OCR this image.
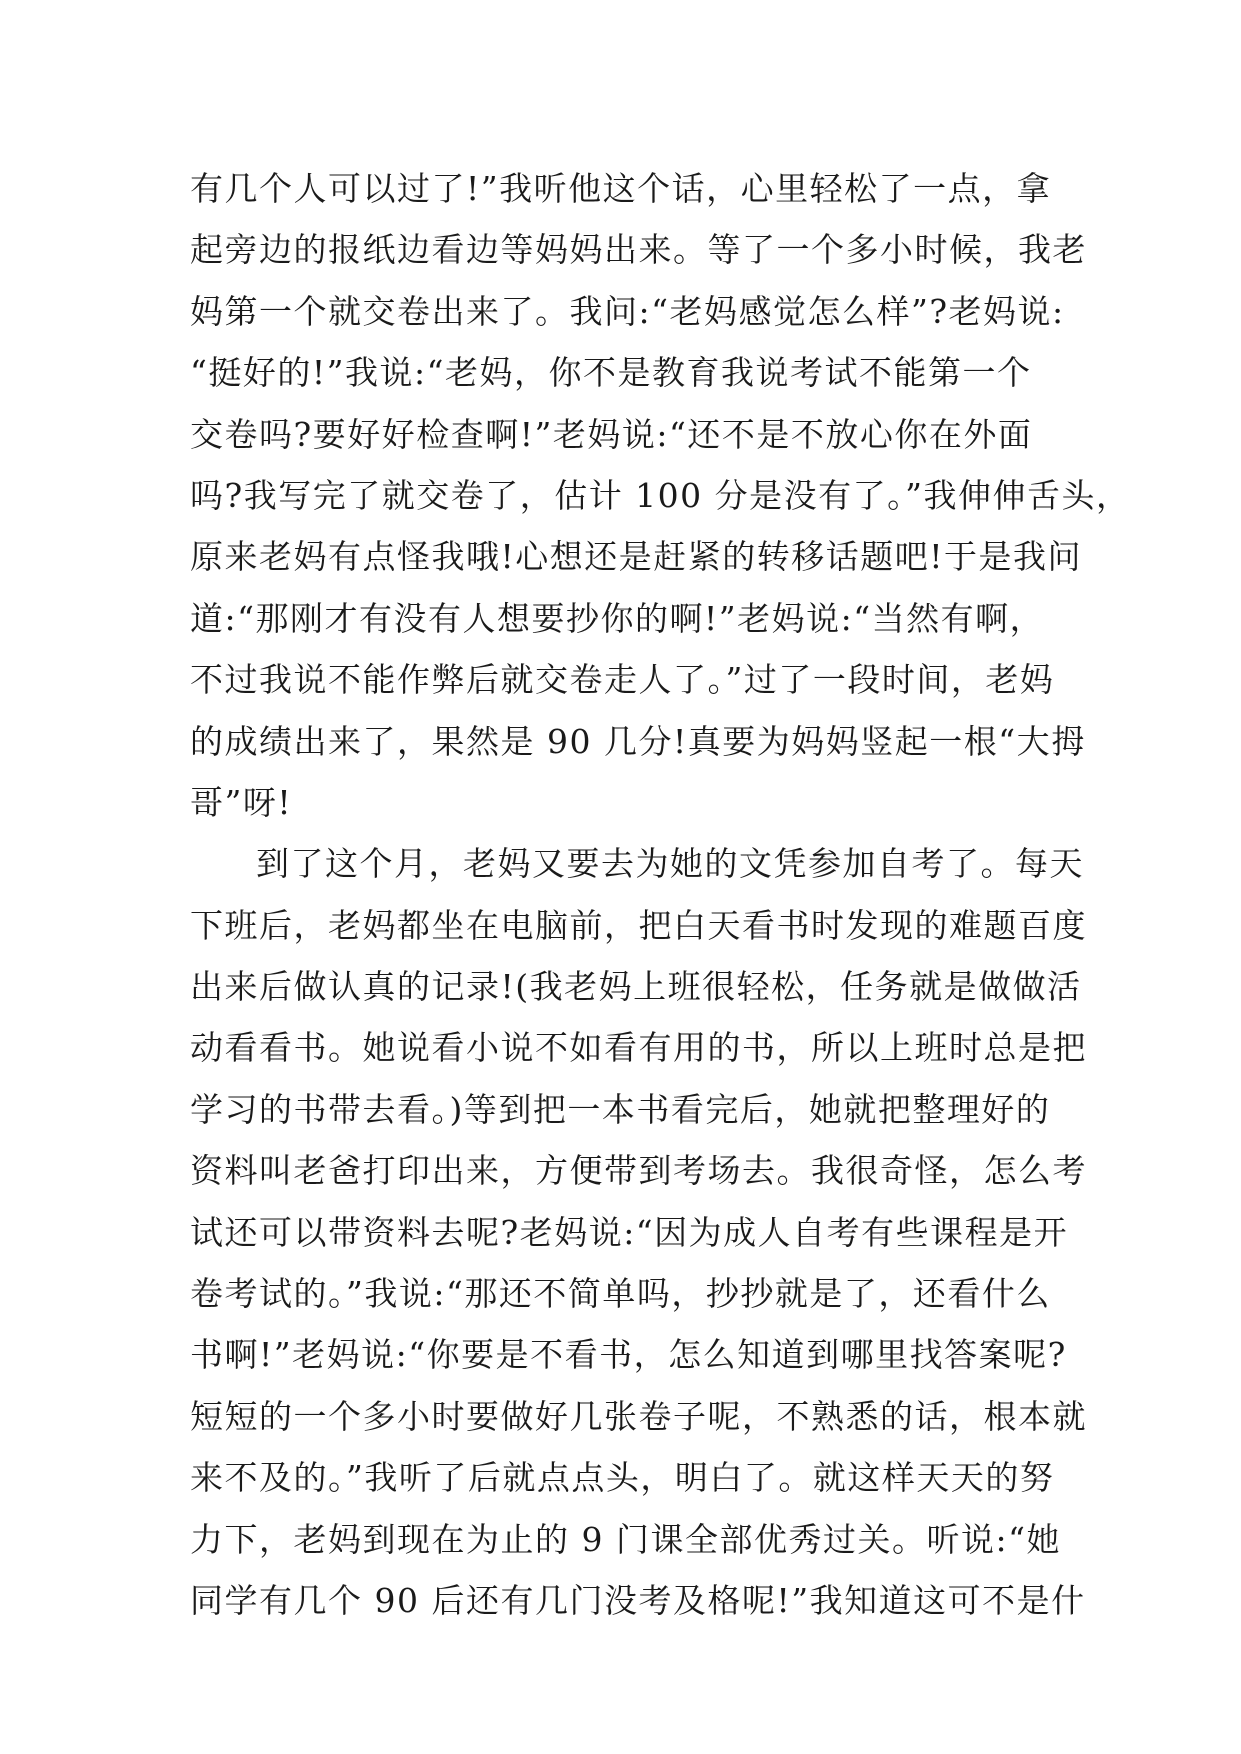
有几个人可以过了!”我听他这个话，心里轻松了一点，拿
起旁边的报纸边看边等妈妈出来。等了一个多小时候，我老
妈第一个就交卷出来了。我问:“老妈感觉怎么样”?老妈说:
“挺好的!”我说:“老妈，你不是教育我说考试不能第一个
交卷吗?要好好检查啊!”老妈说:“还不是不放心你在外面
吗?我写完了就交卷了，估计 100 分是没有了。”我伸伸舌头，
原来老妈有点怪我哦!心想还是赶紧的转移话题吧!于是我问
道:“那刚才有没有人想要抄你的啊!”老妈说:“当然有啊，
不过我说不能作弊后就交卷走人了。”过了一段时间，老妈
的成绩出来了，果然是 90 几分!真要为妈妈竖起一根“大拇
哥”呀!
到了这个月，老妈又要去为她的文凭参加自考了。每天
下班后，老妈都坐在电脑前，把白天看书时发现的难题百度
出来后做认真的记录!(我老妈上班很轻松，任务就是做做活
动看看书。她说看小说不如看有用的书，所以上班时总是把
学习的书带去看。)等到把一本书看完后，她就把整理好的
资料叫老爸打印出来，方便带到考场去。我很奇怪，怎么考
试还可以带资料去呢?老妈说:“因为成人自考有些课程是开
卷考试的。”我说:“那还不简单吗，抄抄就是了，还看什么
书啊!”老妈说:“你要是不看书，怎么知道到哪里找答案呢?
短短的一个多小时要做好几张卷子呢，不熟悉的话，根本就
来不及的。”我听了后就点点头，明白了。就这样天天的努
力下，老妈到现在为止的 9 门课全部优秀过关。听说:“她
同学有几个 90 后还有几门没考及格呢!”我知道这可不是什
